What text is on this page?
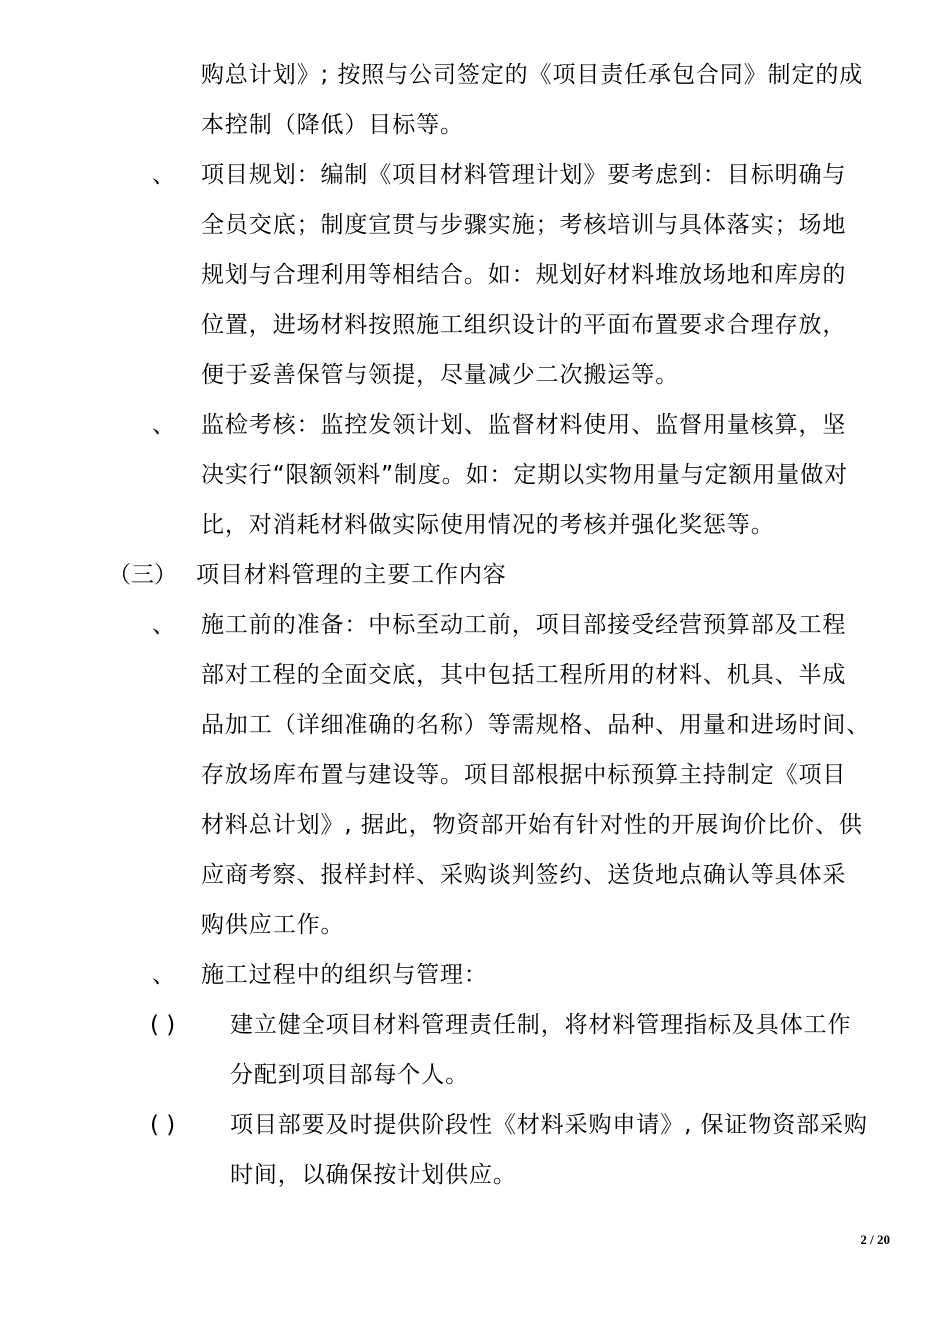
购总计划》; 按照与公司签定的《项目责任承包合同》制定的成
本控制（降低）目标等。
、 项目规划：编制《项目材料管理计划》要考虑到：目标明确与
全员交底；制度宣贯与步骤实施；考核培训与具体落实；场地
规划与合理利用等相结合。如：规划好材料堆放场地和库房的
位置，进场材料按照施工组织设计的平面布置要求合理存放，
便于妥善保管与领提，尽量减少二次搬运等。
、 监检考核：监控发领计划、监督材料使用、监督用量核算，坚
决实行“限额领料”制度。如：定期以实物用量与定额用量做对
比，对消耗材料做实际使用情况的考核并强化奖惩等。
（三） 项目材料管理的主要工作内容
、 施工前的准备：中标至动工前，项目部接受经营预算部及工程
部对工程的全面交底，其中包括工程所用的材料、机具、半成
品加工（详细准确的名称）等需规格、品种、用量和进场时间、
存放场库布置与建设等。项目部根据中标预算主持制定《项目
材料总计划》, 据此，物资部开始有针对性的开展询价比价、供
应商考察、报样封样、采购谈判签约、送货地点确认等具体采
购供应工作。
、 施工过程中的组织与管理：
( ) 建立健全项目材料管理责任制，将材料管理指标及具体工作
分配到项目部每个人。
( ) 项目部要及时提供阶段性《材料采购申请》, 保证物资部采购
时间，以确保按计划供应。
2 / 20
